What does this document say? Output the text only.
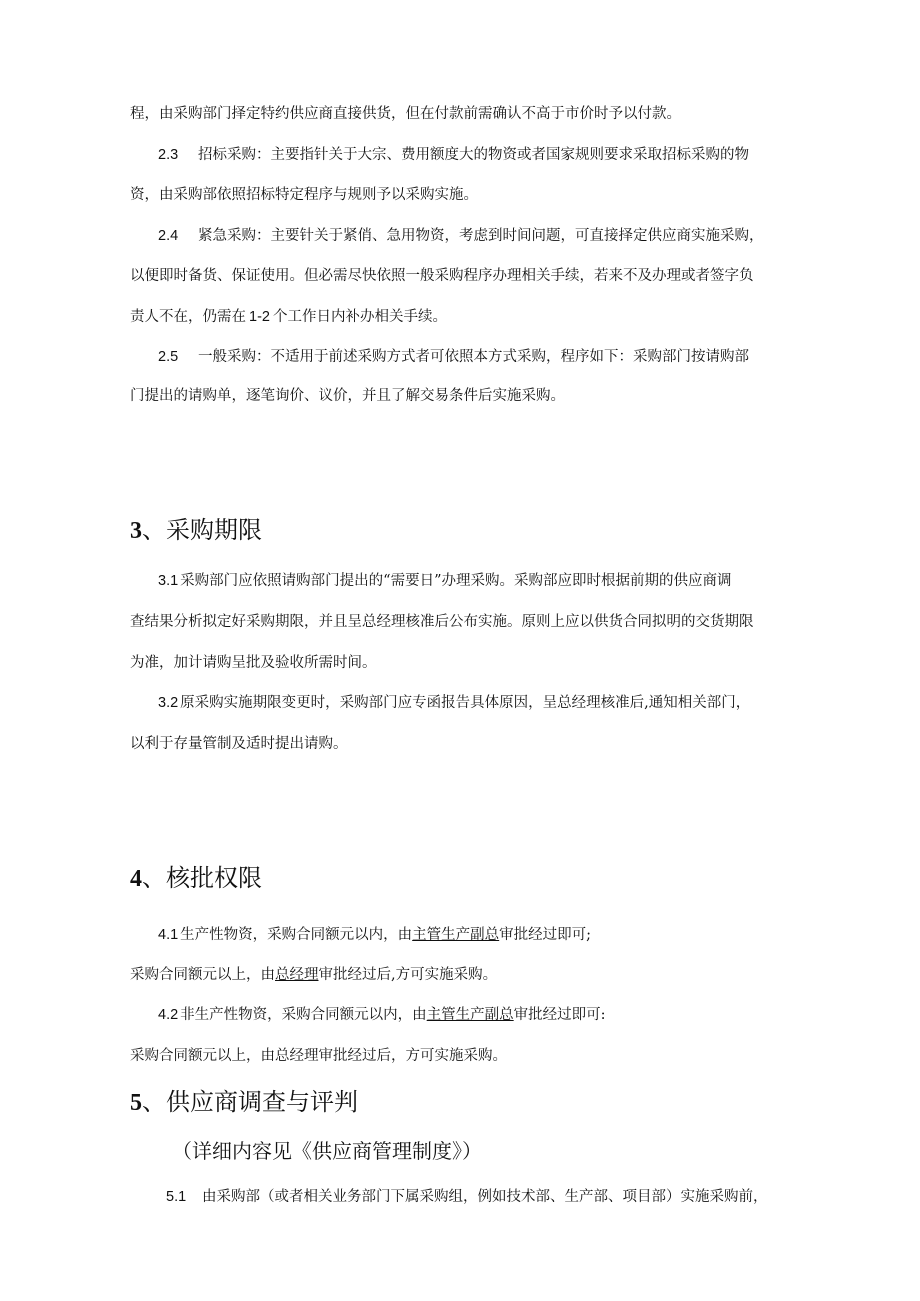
程，由采购部门择定特约供应商直接供货，但在付款前需确认不高于市价时予以付款。
2.3 招标采购：主要指针关于大宗、费用额度大的物资或者国家规则要求采取招标采购的物
资，由采购部依照招标特定程序与规则予以采购实施。
2.4 紧急采购：主要针关于紧俏、急用物资，考虑到时间问题，可直接择定供应商实施采购，
以便即时备货、保证使用。但必需尽快依照一般采购程序办理相关手续，若来不及办理或者签字负
责人不在，仍需在 1-2 个工作日内补办相关手续。
2.5 一般采购：不适用于前述采购方式者可依照本方式采购，程序如下：采购部门按请购部
门提出的请购单，逐笔询价、议价，并且了解交易条件后实施采购。
3、采购期限
3.1 采购部门应依照请购部门提出的“需要日”办理采购。采购部应即时根据前期的供应商调
查结果分析拟定好采购期限，并且呈总经理核准后公布实施。原则上应以供货合同拟明的交货期限
为准，加计请购呈批及验收所需时间。
3.2 原采购实施期限变更时，采购部门应专函报告具体原因，呈总经理核准后,通知相关部门，
以利于存量管制及适时提出请购。
4、核批权限
4.1 生产性物资，采购合同额元以内，由主管生产副总审批经过即可;
采购合同额元以上，由总经理审批经过后,方可实施采购。
4.2 非生产性物资，采购合同额元以内，由主管生产副总审批经过即可:
采购合同额元以上，由总经理审批经过后，方可实施采购。
5、供应商调查与评判
（详细内容见《供应商管理制度》）
5.1 由采购部（或者相关业务部门下属采购组，例如技术部、生产部、项目部）实施采购前，
